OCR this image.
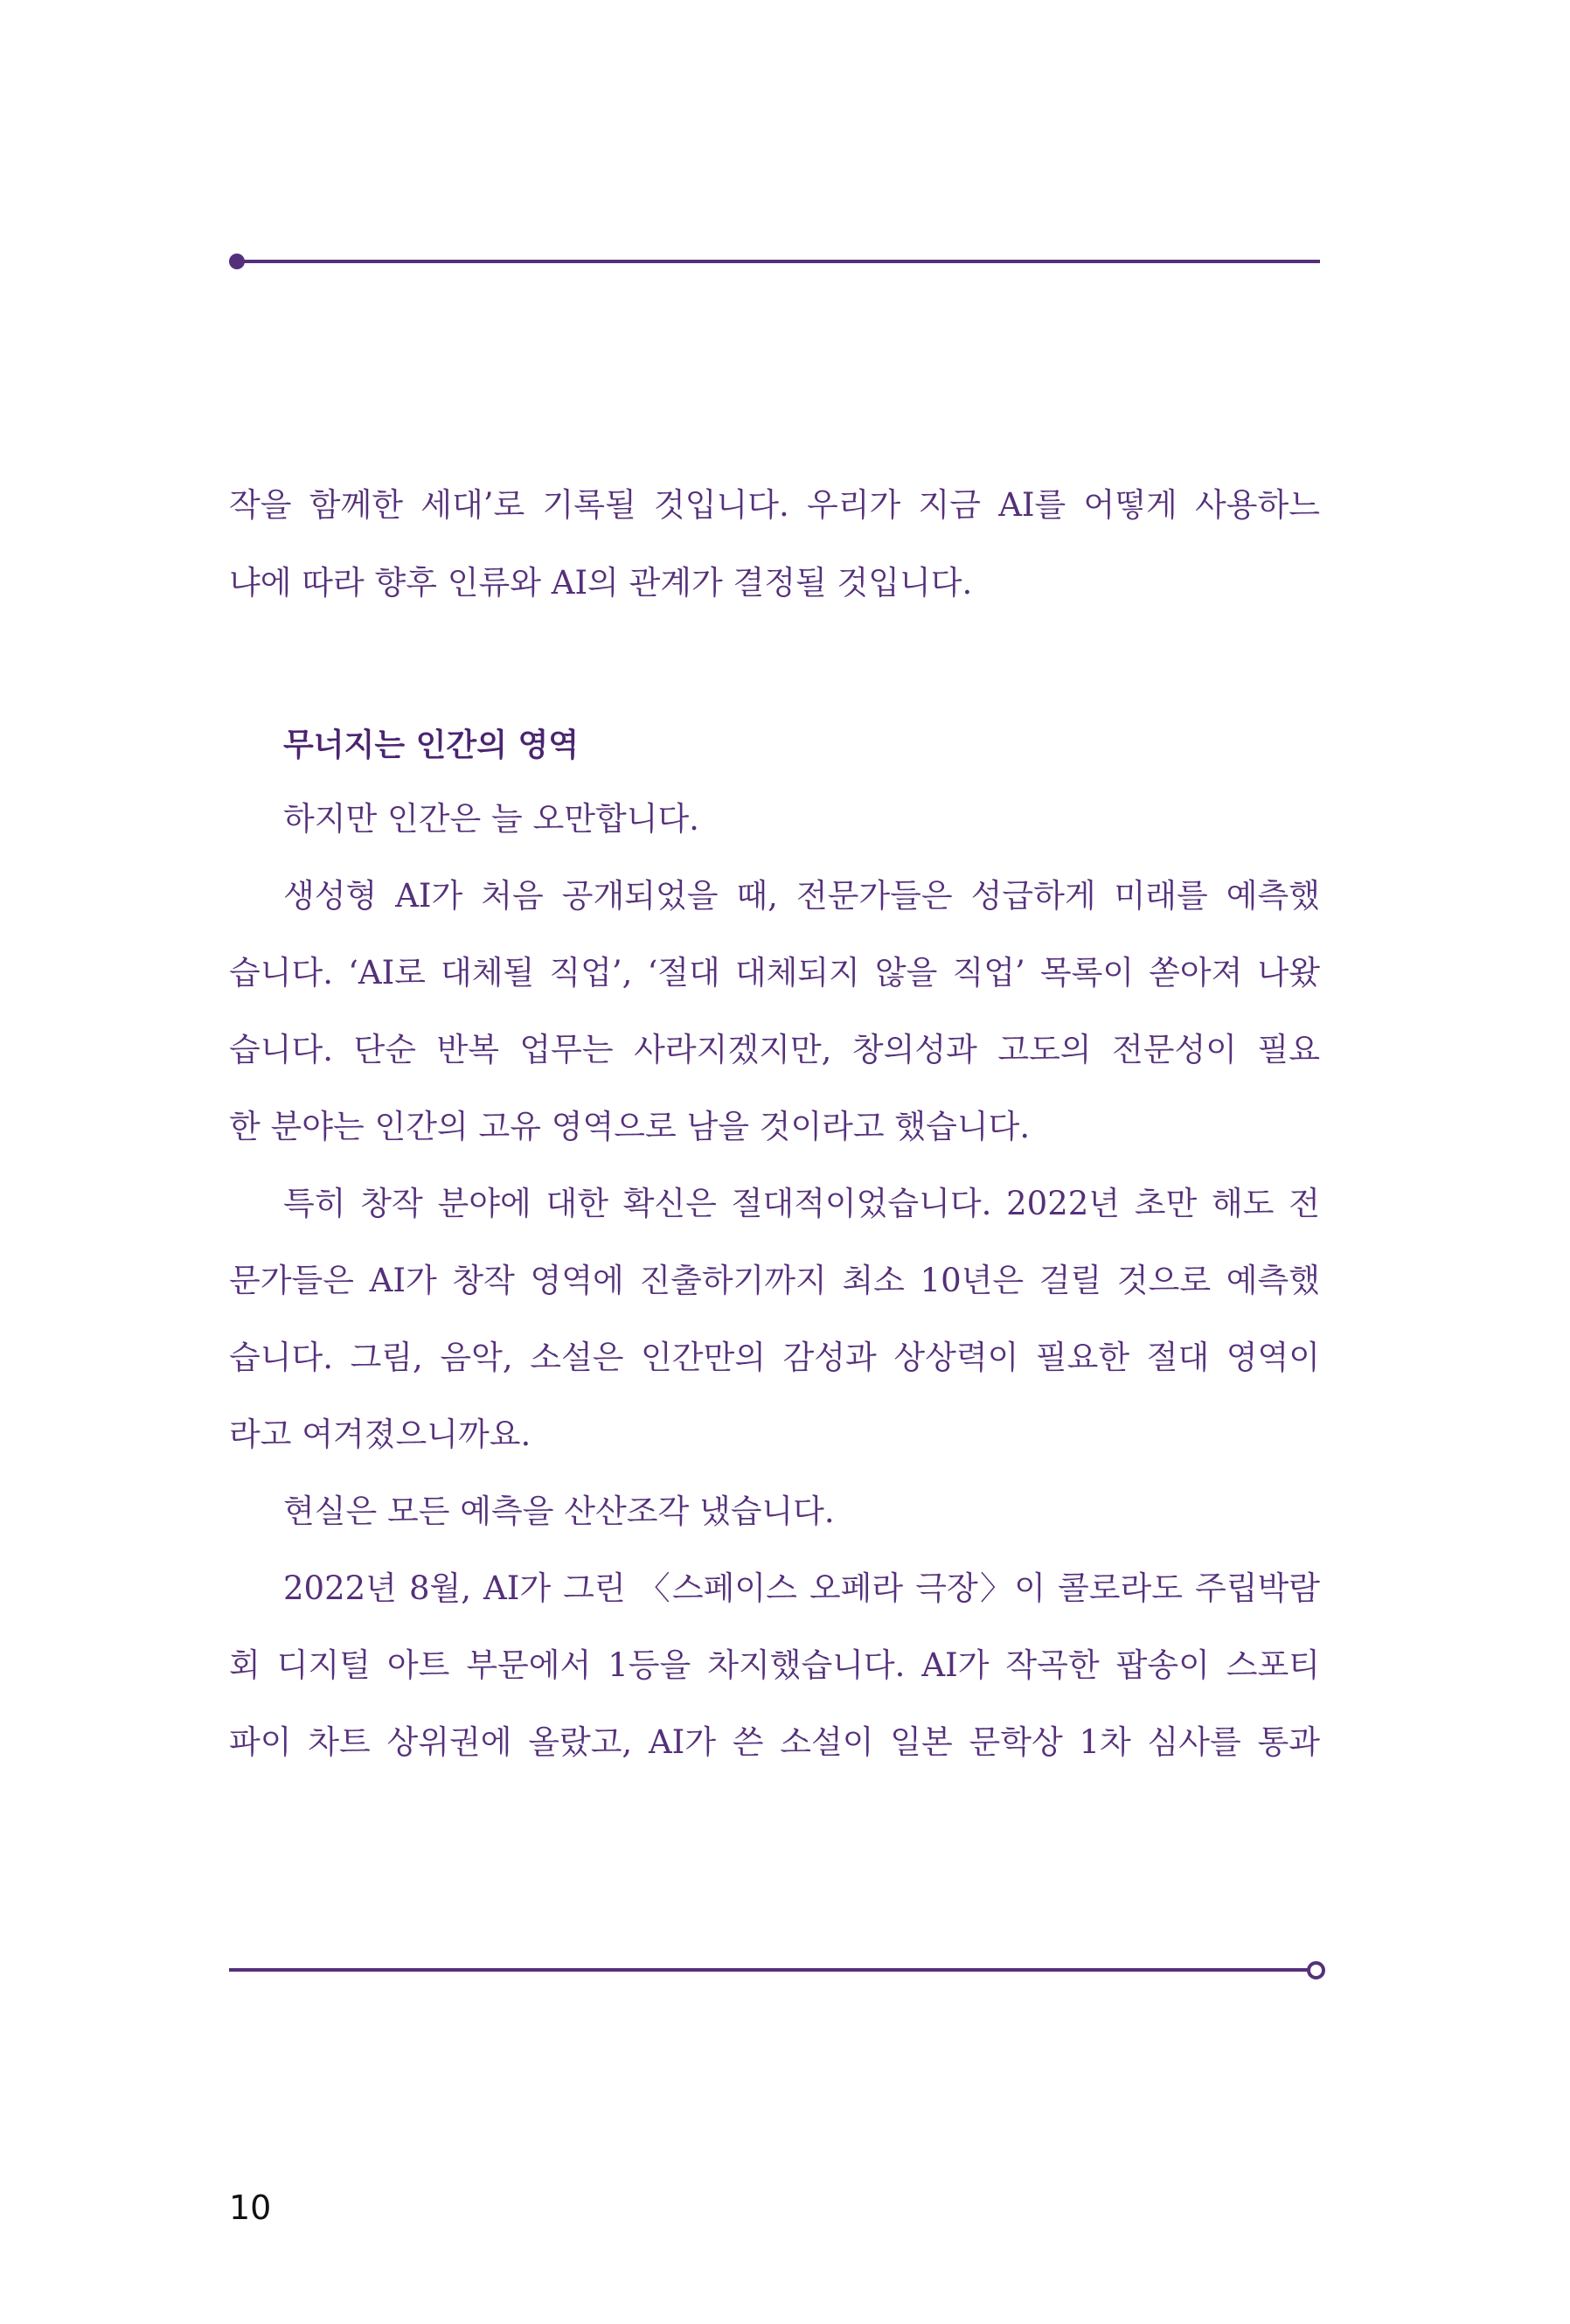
작을 함께한 세대’로 기록될 것입니다. 우리가 지금 AI를 어떻게 사용하느
냐에 따라 향후 인류와 AI의 관계가 결정될 것입니다.
무너지는 인간의 영역
하지만 인간은 늘 오만합니다.
생성형 AI가 처음 공개되었을 때, 전문가들은 성급하게 미래를 예측했
습니다. ‘AI로 대체될 직업’, ‘절대 대체되지 않을 직업’ 목록이 쏟아져 나왔
습니다. 단순 반복 업무는 사라지겠지만, 창의성과 고도의 전문성이 필요
한 분야는 인간의 고유 영역으로 남을 것이라고 했습니다.
특히 창작 분야에 대한 확신은 절대적이었습니다. 2022년 초만 해도 전
문가들은 AI가 창작 영역에 진출하기까지 최소 10년은 걸릴 것으로 예측했
습니다. 그림, 음악, 소설은 인간만의 감성과 상상력이 필요한 절대 영역이
라고 여겨졌으니까요.
현실은 모든 예측을 산산조각 냈습니다.
2022년 8월, AI가 그린 〈스페이스 오페라 극장〉이 콜로라도 주립박람
회 디지털 아트 부문에서 1등을 차지했습니다. AI가 작곡한 팝송이 스포티
파이 차트 상위권에 올랐고, AI가 쓴 소설이 일본 문학상 1차 심사를 통과
10
